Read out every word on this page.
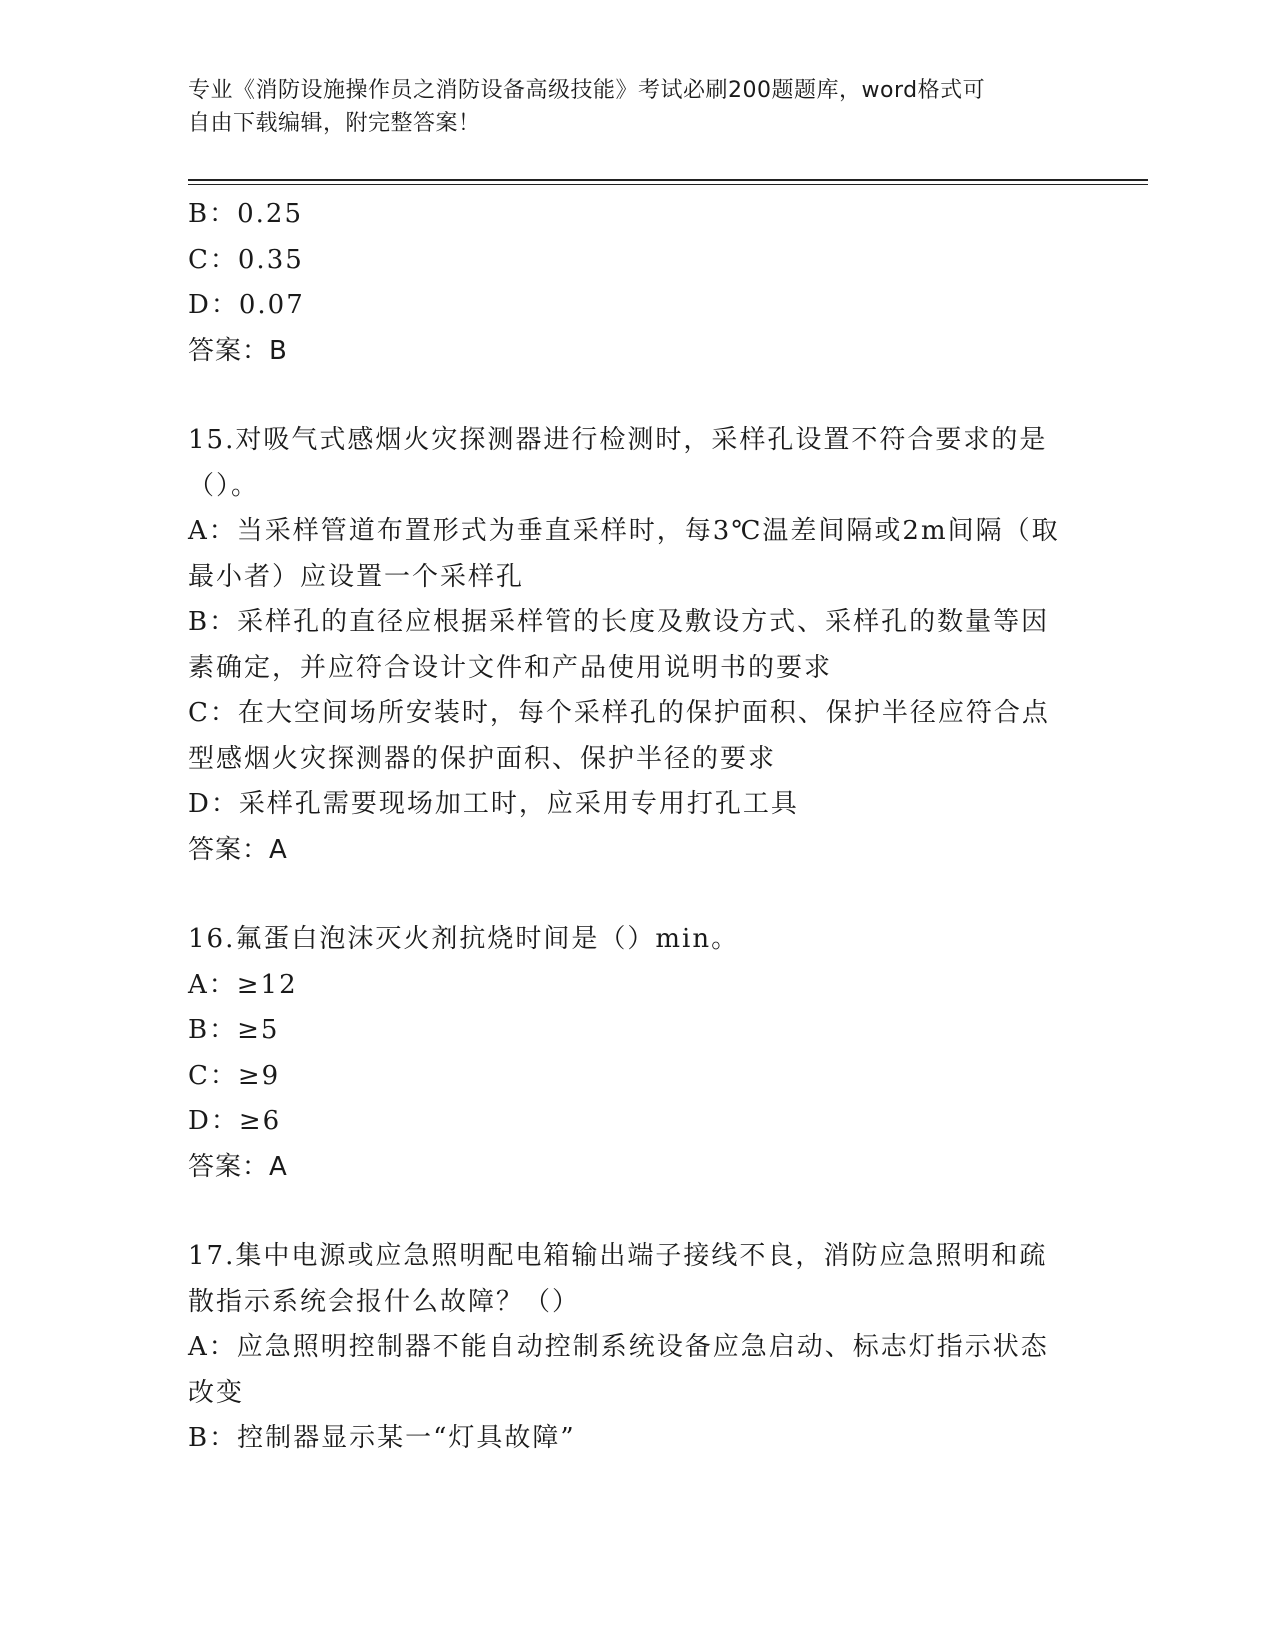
专业《消防设施操作员之消防设备高级技能》考试必刷200题题库，word格式可
自由下载编辑，附完整答案！
B：0.25
C：0.35
D：0.07
答案：B
15.对吸气式感烟火灾探测器进行检测时，采样孔设置不符合要求的是
（）。
A：当采样管道布置形式为垂直采样时，每3℃温差间隔或2m间隔（取
最小者）应设置一个采样孔
B：采样孔的直径应根据采样管的长度及敷设方式、采样孔的数量等因
素确定，并应符合设计文件和产品使用说明书的要求
C：在大空间场所安装时，每个采样孔的保护面积、保护半径应符合点
型感烟火灾探测器的保护面积、保护半径的要求
D：采样孔需要现场加工时，应采用专用打孔工具
答案：A
16.氟蛋白泡沫灭火剂抗烧时间是（）min。
A：≥12
B：≥5
C：≥9
D：≥6
答案：A
17.集中电源或应急照明配电箱输出端子接线不良，消防应急照明和疏
散指示系统会报什么故障？（）
A：应急照明控制器不能自动控制系统设备应急启动、标志灯指示状态
改变
B：控制器显示某一“灯具故障”
